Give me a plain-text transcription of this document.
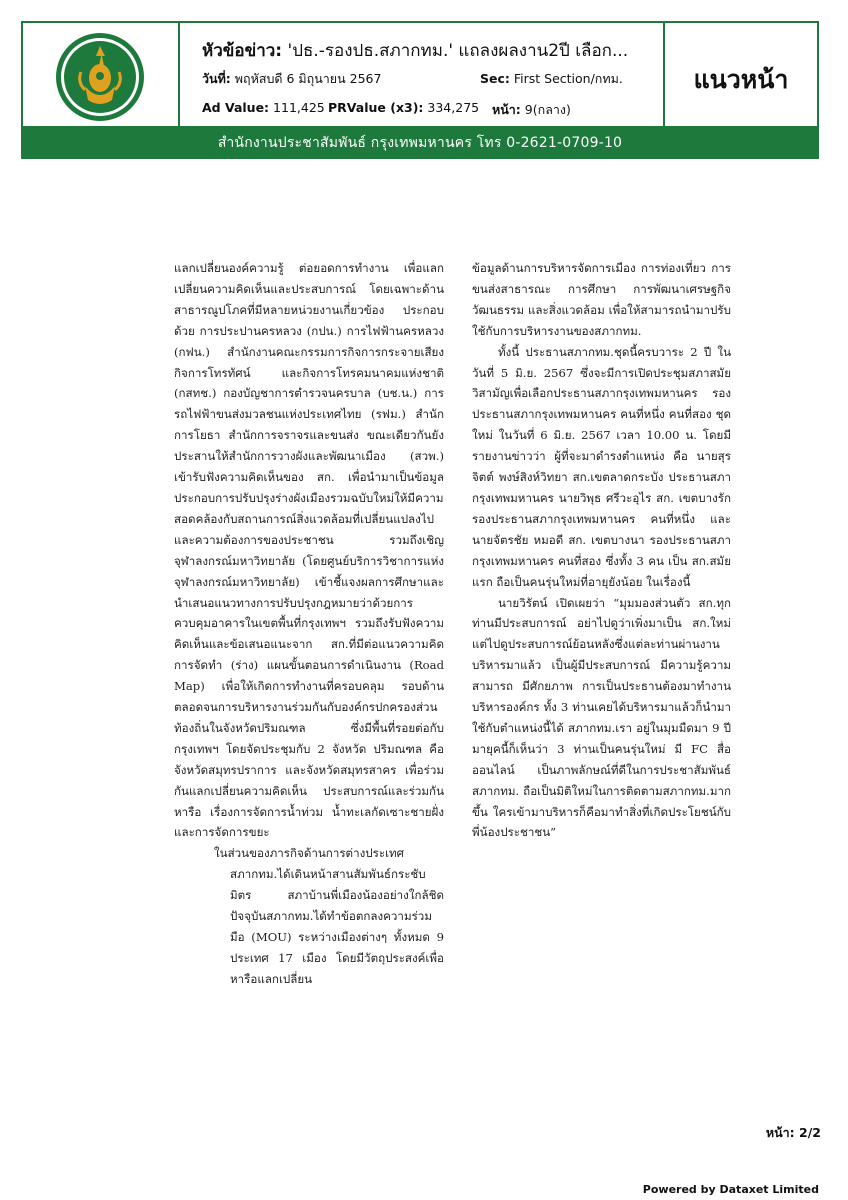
หัวข้อข่าว: 'ปธ.-รองปธ.สภากทม.' แถลงผลงาน2ปี เลือก...
วันที่: พฤหัสบดี 6 มิถุนายน 2567	Sec: First Section/กทม.
Ad Value: 111,425 PRValue (x3): 334,275 หน้า: 9(กลาง)
แนวหน้า
สำนักงานประชาสัมพันธ์ กรุงเทพมหานคร โทร 0-2621-0709-10

แลกเปลี่ยนองค์ความรู้ ต่อยอดการทำงาน เพื่อแลกเปลี่ยนความคิดเห็นและประสบการณ์ โดยเฉพาะด้านสาธารณูปโภคที่มีหลายหน่วยงานเกี่ยวข้อง ประกอบด้วย การประปานครหลวง (กปน.) การไฟฟ้านครหลวง (กฟน.) สำนักงานคณะกรรมการกิจการกระจายเสียง กิจการโทรทัศน์ และกิจการโทรคมนาคมแห่งชาติ (กสทช.) กองบัญชาการตำรวจนครบาล (บช.น.) การรถไฟฟ้าขนส่งมวลชนแห่งประเทศไทย (รฟม.) สำนักการโยธา สำนักการจราจรและขนส่ง ขณะเดียวกันยังประสานให้สำนักการวางผังและพัฒนาเมือง (สวพ.) เข้ารับฟังความคิดเห็นของ สก. เพื่อนำมาเป็นข้อมูลประกอบการปรับปรุงร่างผังเมืองรวมฉบับใหม่ให้มีความสอดคล้องกับสถานการณ์สิ่งแวดล้อมที่เปลี่ยนแปลงไป และความต้องการของประชาชน รวมถึงเชิญจุฬาลงกรณ์มหาวิทยาลัย (โดยศูนย์บริการวิชาการแห่งจุฬาลงกรณ์มหาวิทยาลัย) เข้าชี้แจงผลการศึกษาและนำเสนอแนวทางการปรับปรุงกฎหมายว่าด้วยการควบคุมอาคารในเขตพื้นที่กรุงเทพฯ รวมถึงรับฟังความคิดเห็นและข้อเสนอแนะจาก สก.ที่มีต่อแนวความคิดการจัดทำ (ร่าง) แผนขั้นตอนการดำเนินงาน (Road Map) เพื่อให้เกิดการทำงานที่ครอบคลุม รอบด้าน ตลอดจนการบริหารงานร่วมกันกับองค์กรปกครองส่วนท้องถิ่นในจังหวัดปริมณฑล ซึ่งมีพื้นที่รอยต่อกับกรุงเทพฯ โดยจัดประชุมกับ 2 จังหวัด ปริมณฑล คือ จังหวัดสมุทรปราการ และจังหวัดสมุทรสาคร เพื่อร่วมกันแลกเปลี่ยนความคิดเห็น ประสบการณ์และร่วมกันหารือ เรื่องการจัดการน้ำท่วม น้ำทะเลกัดเซาะชายฝั่ง และการจัดการขยะ

ในส่วนของภารกิจด้านการต่างประเทศ

สภากทม.ได้เดินหน้าสานสัมพันธ์กระชับมิตร สภาบ้านพี่เมืองน้องอย่างใกล้ชิด ปัจจุบันสภากทม.ได้ทำข้อตกลงความร่วมมือ (MOU) ระหว่างเมืองต่างๆ ทั้งหมด 9 ประเทศ 17 เมือง โดยมีวัตถุประสงค์เพื่อหารือแลกเปลี่ยน

ข้อมูลด้านการบริหารจัดการเมือง การท่องเที่ยว การขนส่งสาธารณะ การศึกษา การพัฒนาเศรษฐกิจ วัฒนธรรม และสิ่งแวดล้อม เพื่อให้สามารถนำมาปรับใช้กับการบริหารงานของสภากทม.

ทั้งนี้ ประธานสภากทม.ชุดนี้ครบวาระ 2 ปี ในวันที่ 5 มิ.ย. 2567 ซึ่งจะมีการเปิดประชุมสภาสมัยวิสามัญเพื่อเลือกประธานสภากรุงเทพมหานคร รองประธานสภากรุงเทพมหานคร คนที่หนึ่ง คนที่สอง ชุดใหม่ ในวันที่ 6 มิ.ย. 2567 เวลา 10.00 น. โดยมีรายงานข่าวว่า ผู้ที่จะมาดำรงตำแหน่ง คือ นายสุรจิตต์ พงษ์สิงห์วิทยา สก.เขตลาดกระบัง ประธานสภากรุงเทพมหานคร นายวิพุธ ศรีวะอุไร สก. เขตบางรัก รองประธานสภากรุงเทพมหานคร คนที่หนึ่ง และ นายจัตรชัย หมอดี สก. เขตบางนา รองประธานสภากรุงเทพมหานคร คนที่สอง ซึ่งทั้ง 3 คน เป็น สก.สมัยแรก ถือเป็นคนรุ่นใหม่ที่อายุยังน้อย ในเรื่องนี้

นายวิรัตน์ เปิดเผยว่า “มุมมองส่วนตัว สก.ทุกท่านมีประสบการณ์ อย่าไปดูว่าเพิ่งมาเป็น สก.ใหม่ แต่ไปดูประสบการณ์ย้อนหลังซึ่งแต่ละท่านผ่านงานบริหารมาแล้ว เป็นผู้มีประสบการณ์ มีความรู้ความสามารถ มีศักยภาพ การเป็นประธานต้องมาทำงานบริหารองค์กร ทั้ง 3 ท่านเคยได้บริหารมาแล้วก็นำมาใช้กับตำแหน่งนี้ได้ สภากทม.เรา อยู่ในมุมมืดมา 9 ปี มายุคนี้ก็เห็นว่า 3 ท่านเป็นคนรุ่นใหม่ มี FC สื่อออนไลน์ เป็นภาพลักษณ์ที่ดีในการประชาสัมพันธ์สภากทม. ถือเป็นมิติใหม่ในการติดตามสภากทม.มากขึ้น ใครเข้ามาบริหารก็คือมาทำสิ่งที่เกิดประโยชน์กับพี่น้องประชาชน”

หน้า: 2/2
Powered by Dataxet Limited
